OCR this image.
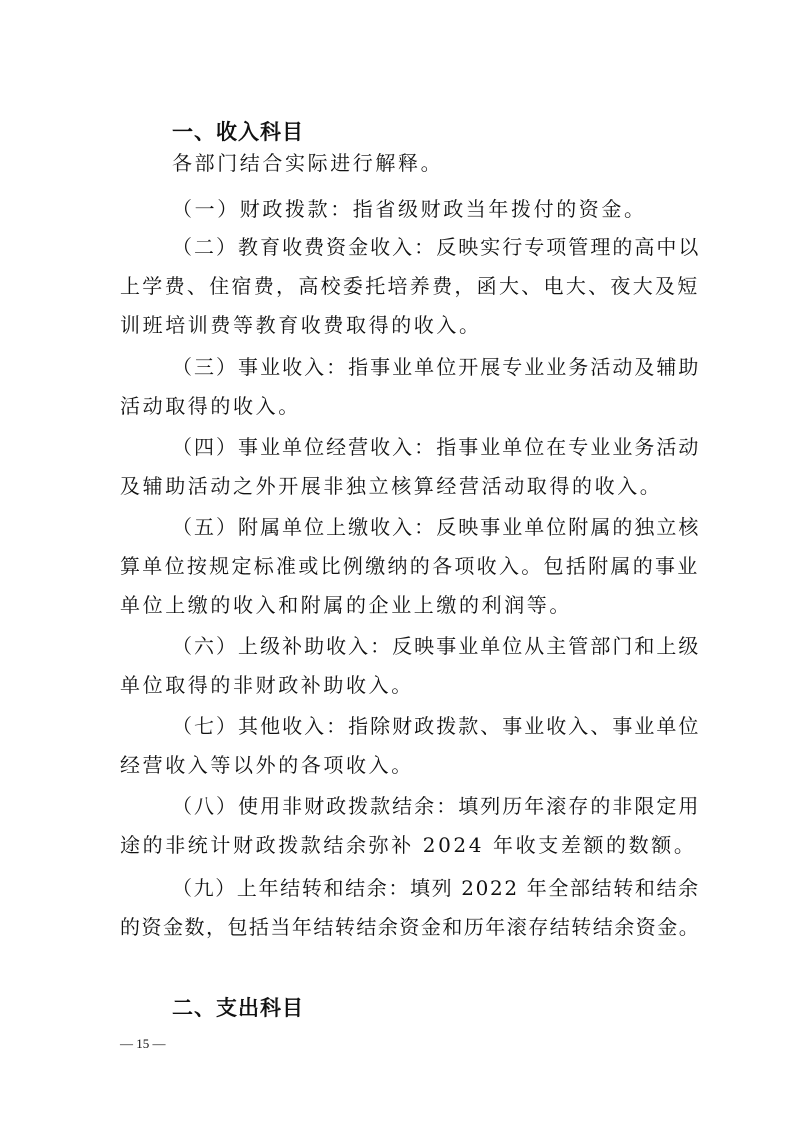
一、收入科目
各部门结合实际进行解释。
（一）财政拨款：指省级财政当年拨付的资金。
（二）教育收费资金收入：反映实行专项管理的高中以
上学费、住宿费，高校委托培养费，函大、电大、夜大及短
训班培训费等教育收费取得的收入。
（三）事业收入：指事业单位开展专业业务活动及辅助
活动取得的收入。
（四）事业单位经营收入：指事业单位在专业业务活动
及辅助活动之外开展非独立核算经营活动取得的收入。
（五）附属单位上缴收入：反映事业单位附属的独立核
算单位按规定标准或比例缴纳的各项收入。包括附属的事业
单位上缴的收入和附属的企业上缴的利润等。
（六）上级补助收入：反映事业单位从主管部门和上级
单位取得的非财政补助收入。
（七）其他收入：指除财政拨款、事业收入、事业单位
经营收入等以外的各项收入。
（八）使用非财政拨款结余：填列历年滚存的非限定用
途的非统计财政拨款结余弥补 2024 年收支差额的数额。
（九）上年结转和结余：填列 2022 年全部结转和结余
的资金数，包括当年结转结余资金和历年滚存结转结余资金。
二、支出科目
— 15 —
